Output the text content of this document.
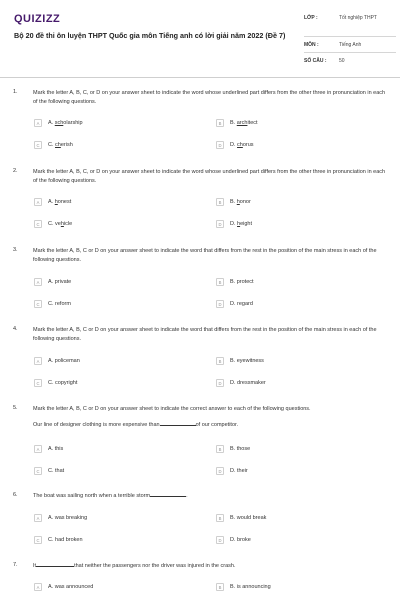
QUIZIZZ
Bộ 20 đề thi ôn luyện THPT Quốc gia môn Tiếng anh có lời giải năm 2022 (Đề 7)
LỚP :	Tốt nghiệp THPT
MÔN :	Tiếng Anh
SỐ CÂU :	50
1.	Mark the letter A, B, C, or D on your answer sheet to indicate the word whose underlined part differs from the other three in pronunciation in each of the following questions.
A	A. scholarship	B	B. architect
C	C. cherish	D	D. chorus
2.	Mark the letter A, B, C, or D on your answer sheet to indicate the word whose underlined part differs from the other three in pronunciation in each of the following questions.
A	A. honest	B	B. honor
C	C. vehicle	D	D. height
3.	Mark the letter A, B, C or D on your answer sheet to indicate the word that differs from the rest in the position of the main stress in each of the following questions.
A	A. private	B	B. protect
C	C. reform	D	D. regard
4.	Mark the letter A, B, C or D on your answer sheet to indicate the word that differs from the rest in the position of the main stress in each of the following questions.
A	A. policeman	B	B. eyewitness
C	C. copyright	D	D. dressmaker
5.	Mark the letter A, B, C or D on your answer sheet to indicate the correct answer to each of the following questions.
Our line of designer clothing is more expensive than	of our competitor.
A	A. this	B	B. those
C	C. that	D	D. their
6.	The boat was sailing north when a terrible storm	.
A	A. was breaking	B	B. would break
C	C. had broken	D	D. broke
7.	It	that neither the passengers nor the driver was injured in the crash.
A	A. was announced	B	B. is announcing
